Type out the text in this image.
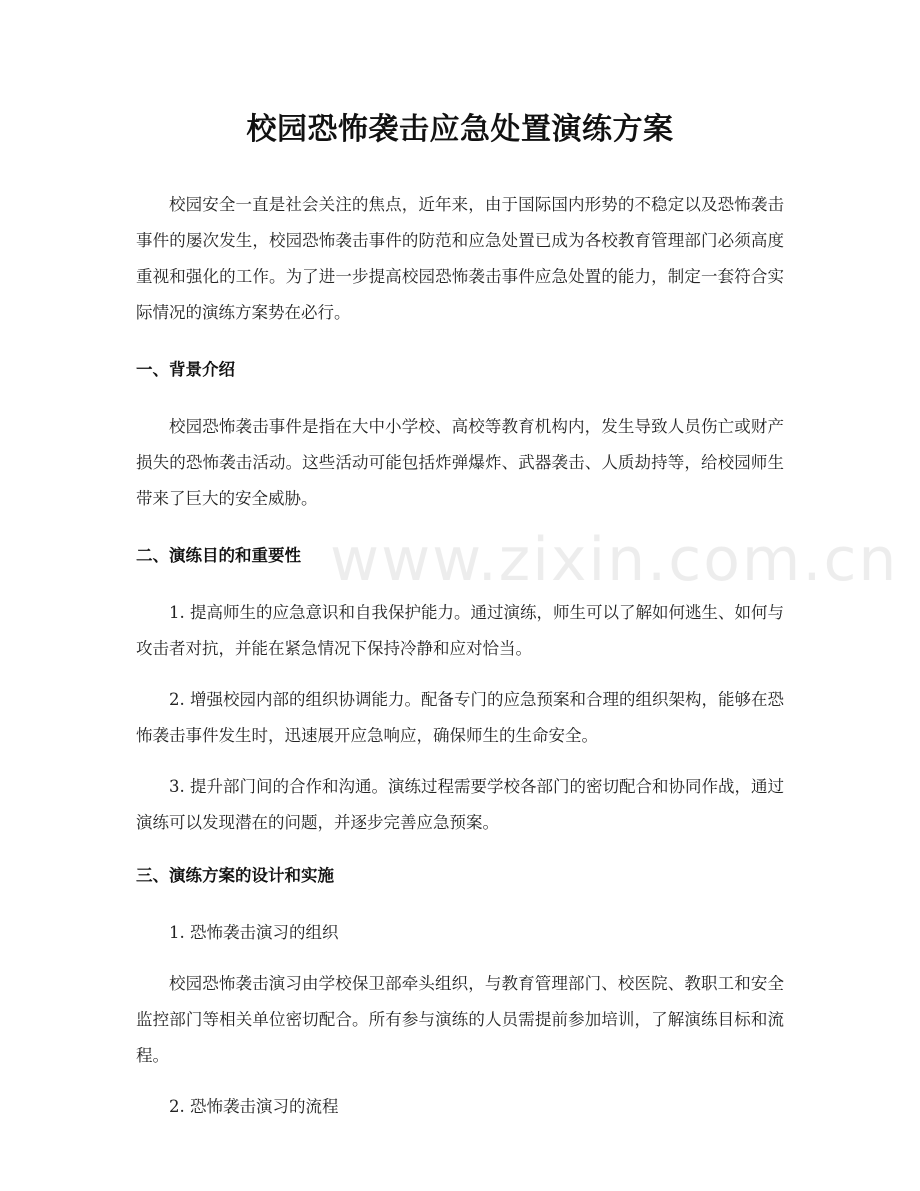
www.zixin.com.cn
校园恐怖袭击应急处置演练方案

校园安全一直是社会关注的焦点，近年来，由于国际国内形势的不稳定以及恐怖袭击事件的屡次发生，校园恐怖袭击事件的防范和应急处置已成为各校教育管理部门必须高度重视和强化的工作。为了进一步提高校园恐怖袭击事件应急处置的能力，制定一套符合实际情况的演练方案势在必行。

一、背景介绍

校园恐怖袭击事件是指在大中小学校、高校等教育机构内，发生导致人员伤亡或财产损失的恐怖袭击活动。这些活动可能包括炸弹爆炸、武器袭击、人质劫持等，给校园师生带来了巨大的安全威胁。

二、演练目的和重要性

1. 提高师生的应急意识和自我保护能力。通过演练，师生可以了解如何逃生、如何与攻击者对抗，并能在紧急情况下保持冷静和应对恰当。

2. 增强校园内部的组织协调能力。配备专门的应急预案和合理的组织架构，能够在恐怖袭击事件发生时，迅速展开应急响应，确保师生的生命安全。

3. 提升部门间的合作和沟通。演练过程需要学校各部门的密切配合和协同作战，通过演练可以发现潜在的问题，并逐步完善应急预案。

三、演练方案的设计和实施

1. 恐怖袭击演习的组织

校园恐怖袭击演习由学校保卫部牵头组织，与教育管理部门、校医院、教职工和安全监控部门等相关单位密切配合。所有参与演练的人员需提前参加培训，了解演练目标和流程。

2. 恐怖袭击演习的流程
